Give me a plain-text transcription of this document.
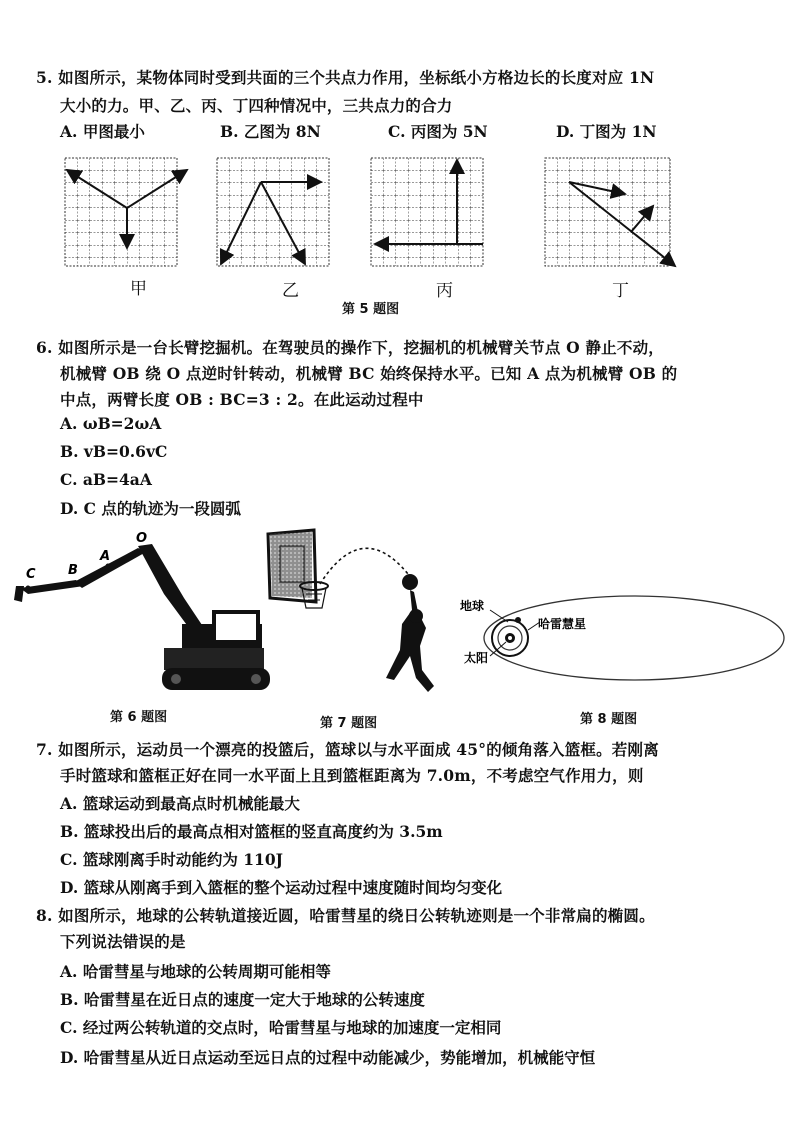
5. 如图所示，某物体同时受到共面的三个共点力作用，坐标纸小方格边长的长度对应 1N
大小的力。甲、乙、丙、丁四种情况中，三共点力的合力
A. 甲图最小	B. 乙图为 8N	C. 丙图为 5N	D. 丁图为 1N
甲	乙	丙	丁
第 5 题图
6. 如图所示是一台长臂挖掘机。在驾驶员的操作下，挖掘机的机械臂关节点 O 静止不动，
机械臂 OB 绕 O 点逆时针转动，机械臂 BC 始终保持水平。已知 A 点为机械臂 OB 的
中点，两臂长度 OB : BC=3 : 2。在此运动过程中
A. ωB=2ωA
B. vB=0.6vC
C. aB=4aA
D. C 点的轨迹为一段圆弧
C B
A
O
第 6 题图	第 7 题图
地球
哈雷慧星
太阳
第 8 题图
7. 如图所示，运动员一个漂亮的投篮后，篮球以与水平面成 45°的倾角落入篮框。若刚离
手时篮球和篮框正好在同一水平面上且到篮框距离为 7.0m，不考虑空气作用力，则
A. 篮球运动到最高点时机械能最大
B. 篮球投出后的最高点相对篮框的竖直高度约为 3.5m
C. 篮球刚离手时动能约为 110J
D. 篮球从刚离手到入篮框的整个运动过程中速度随时间均匀变化
8. 如图所示，地球的公转轨道接近圆，哈雷彗星的绕日公转轨迹则是一个非常扁的椭圆。
下列说法错误的是
A. 哈雷彗星与地球的公转周期可能相等
B. 哈雷彗星在近日点的速度一定大于地球的公转速度
C. 经过两公转轨道的交点时，哈雷彗星与地球的加速度一定相同
D. 哈雷彗星从近日点运动至远日点的过程中动能减少，势能增加，机械能守恒
